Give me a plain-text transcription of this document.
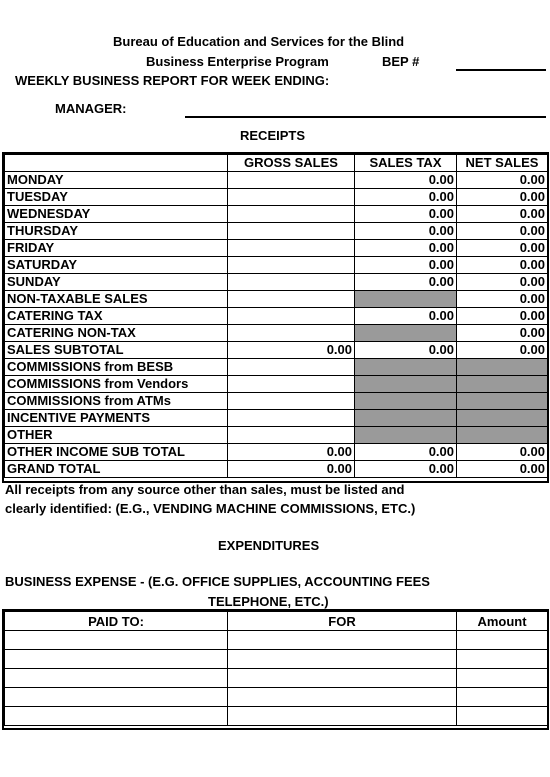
Bureau of Education and Services for the Blind
Business Enterprise Program	BEP #
WEEKLY BUSINESS REPORT FOR WEEK ENDING:
MANAGER:
RECEIPTS
	GROSS SALES	SALES TAX	NET SALES
MONDAY		0.00	0.00
TUESDAY		0.00	0.00
WEDNESDAY		0.00	0.00
THURSDAY		0.00	0.00
FRIDAY		0.00	0.00
SATURDAY		0.00	0.00
SUNDAY		0.00	0.00
NON-TAXABLE SALES			0.00
CATERING TAX		0.00	0.00
CATERING NON-TAX			0.00
SALES SUBTOTAL	0.00	0.00	0.00
COMMISSIONS from BESB			
COMMISSIONS from Vendors			
COMMISSIONS from ATMs			
INCENTIVE PAYMENTS			
OTHER			
OTHER INCOME SUB TOTAL	0.00	0.00	0.00
GRAND TOTAL	0.00	0.00	0.00
All receipts from any source other than sales, must be listed and
clearly identified: (E.G., VENDING MACHINE COMMISSIONS, ETC.)
EXPENDITURES
BUSINESS EXPENSE - (E.G. OFFICE SUPPLIES, ACCOUNTING FEES
TELEPHONE, ETC.)
PAID TO:	FOR	Amount
